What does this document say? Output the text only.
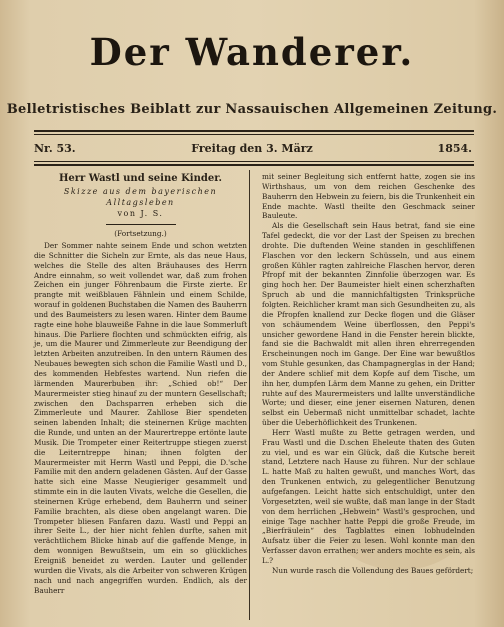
Der Wanderer.
Belletristisches Beiblatt zur Nassauischen Allgemeinen Zeitung.
Nr. 53.	Freitag den 3. März	1854.
Herr Wastl und seine Kinder.
Skizze aus dem bayerischen Alltagsleben
von J. S.
(Fortsetzung.)

Der Sommer nahte seinem Ende und schon wetzten die Schnitter die Sicheln zur Ernte, als das neue Haus, welches die Stelle des alten Bräuhauses des Herrn Andre einnahm, so weit vollendet war, daß zum frohen Zeichen ein junger Föhrenbaum die Firste zierte. Er prangte mit weißblauen Fähnlein und einem Schilde, worauf in goldenen Buchstaben die Namen des Bauherrn und des Baumeisters zu lesen waren. Hinter dem Baume ragte eine hohe blauweiße Fahne in die laue Sommerluft hinaus. Die Parliere flochten und schmückten eifrig, als je, um die Maurer und Zimmerleute zur Beendigung der letzten Arbeiten anzutreiben. In den untern Räumen des Neubaues bewegten sich schon die Familie Wastl und D., des kommenden Hebfestes wartend. Nun riefen die lärmenden Maurerbuben ihr: „Schied ob!“ Der Maurermeister stieg hinauf zu der muntern Gesellschaft; zwischen den Dachsparren erheben sich die Zimmerleute und Maurer. Zahllose Bier spendeten seinen labenden Inhalt; die steinernen Krüge machten die Runde, und unten an der Maurertreppe ertönte laute Musik. Die Trompeter einer Reitertruppe stiegen zuerst die Leiterntreppe hinan; ihnen folgten der Maurermeister mit Herrn Wastl und Peppi, die D.'sche Familie mit den andern geladenen Gästen. Auf der Gasse hatte sich eine Masse Neugieriger gesammelt und stimmte ein in die lauten Vivats, welche die Gesellen, die steinernen Krüge erhebend, dem Bauherrn und seiner Familie brachten, als diese oben angelangt waren. Die Trompeter bliesen Fanfaren dazu. Wastl und Peppi an ihrer Seite L., der hier nicht fehlen durfte, sahen mit verächtlichem Blicke hinab auf die gaffende Menge, in dem wonnigen Bewußtsein, um ein so glückliches Ereigniß beneidet zu werden. Lauter und gellender wurden die Vivats, als die Arbeiter von schweren Krügen nach und nach angegriffen wurden. Endlich, als der Bauherr

mit seiner Begleitung sich entfernt hatte, zogen sie ins Wirthshaus, um von dem reichen Geschenke des Bauherrn den Hebwein zu feiern, bis die Trunkenheit ein Ende machte. Wastl theilte den Geschmack seiner Bauleute.

Als die Gesellschaft sein Haus betrat, fand sie eine Tafel gedeckt, die vor der Last der Speisen zu brechen drohte. Die duftenden Weine standen in geschliffenen Flaschen vor den leckern Schüsseln, und aus einem großen Kühler ragten zahlreiche Flaschen hervor, deren Pfropf mit der bekannten Zinnfolie überzogen war. Es ging hoch her. Der Baumeister hielt einen scherzhaften Spruch ab und die mannichfaltigsten Trinksprüche folgten. Reichlicher kramt man sich Gesundheiten zu, als die Pfropfen knallend zur Decke flogen und die Gläser von schäumendem Weine überflossen, den Peppi's unsicher gewordene Hand in die Fenster herein blickte, fand sie die Bachwaldt mit allen ihren ehrerregenden Erscheinungen noch im Gange. Der Eine war bewußtlos vom Stuhle gesunken, das Champagnerglas in der Hand; der Andere schlief mit dem Kopfe auf dem Tische, um ihn her, dumpfen Lärm dem Manne zu gehen, ein Dritter ruhte auf des Maurermeisters und lallte unverständliche Worte; und dieser, eine jener eisernen Naturen, denen selbst ein Uebermaß nicht unmittelbar schadet, lachte über die Ueberhöflichkeit des Trunkenen.

Herr Wastl mußte zu Bette getragen werden, und Frau Wastl und die D.schen Eheleute thaten des Guten zu viel, und es war ein Glück, daß die Kutsche bereit stand, Letztere nach Hause zu führen. Nur der schlaue L. hatte Maß zu halten gewußt, und manches Wort, das den Trunkenen entwich, zu gelegentlicher Benutzung aufgefangen. Leicht hatte sich entschuldigt, unter den Vorgesetzten, weil sie wußte, daß man lange in der Stadt von dem herrlichen „Hebwein“ Wastl's gesprochen, und einige Tage nachher hatte Peppi die große Freude, im „Bierfräulein“ des Tagblattes einen lobhudelnden Aufsatz über die Feier zu lesen. Wohl konnte man den Verfasser davon errathen; wer anders mochte es sein, als L.?

Nun wurde rasch die Vollendung des Baues gefördert;
